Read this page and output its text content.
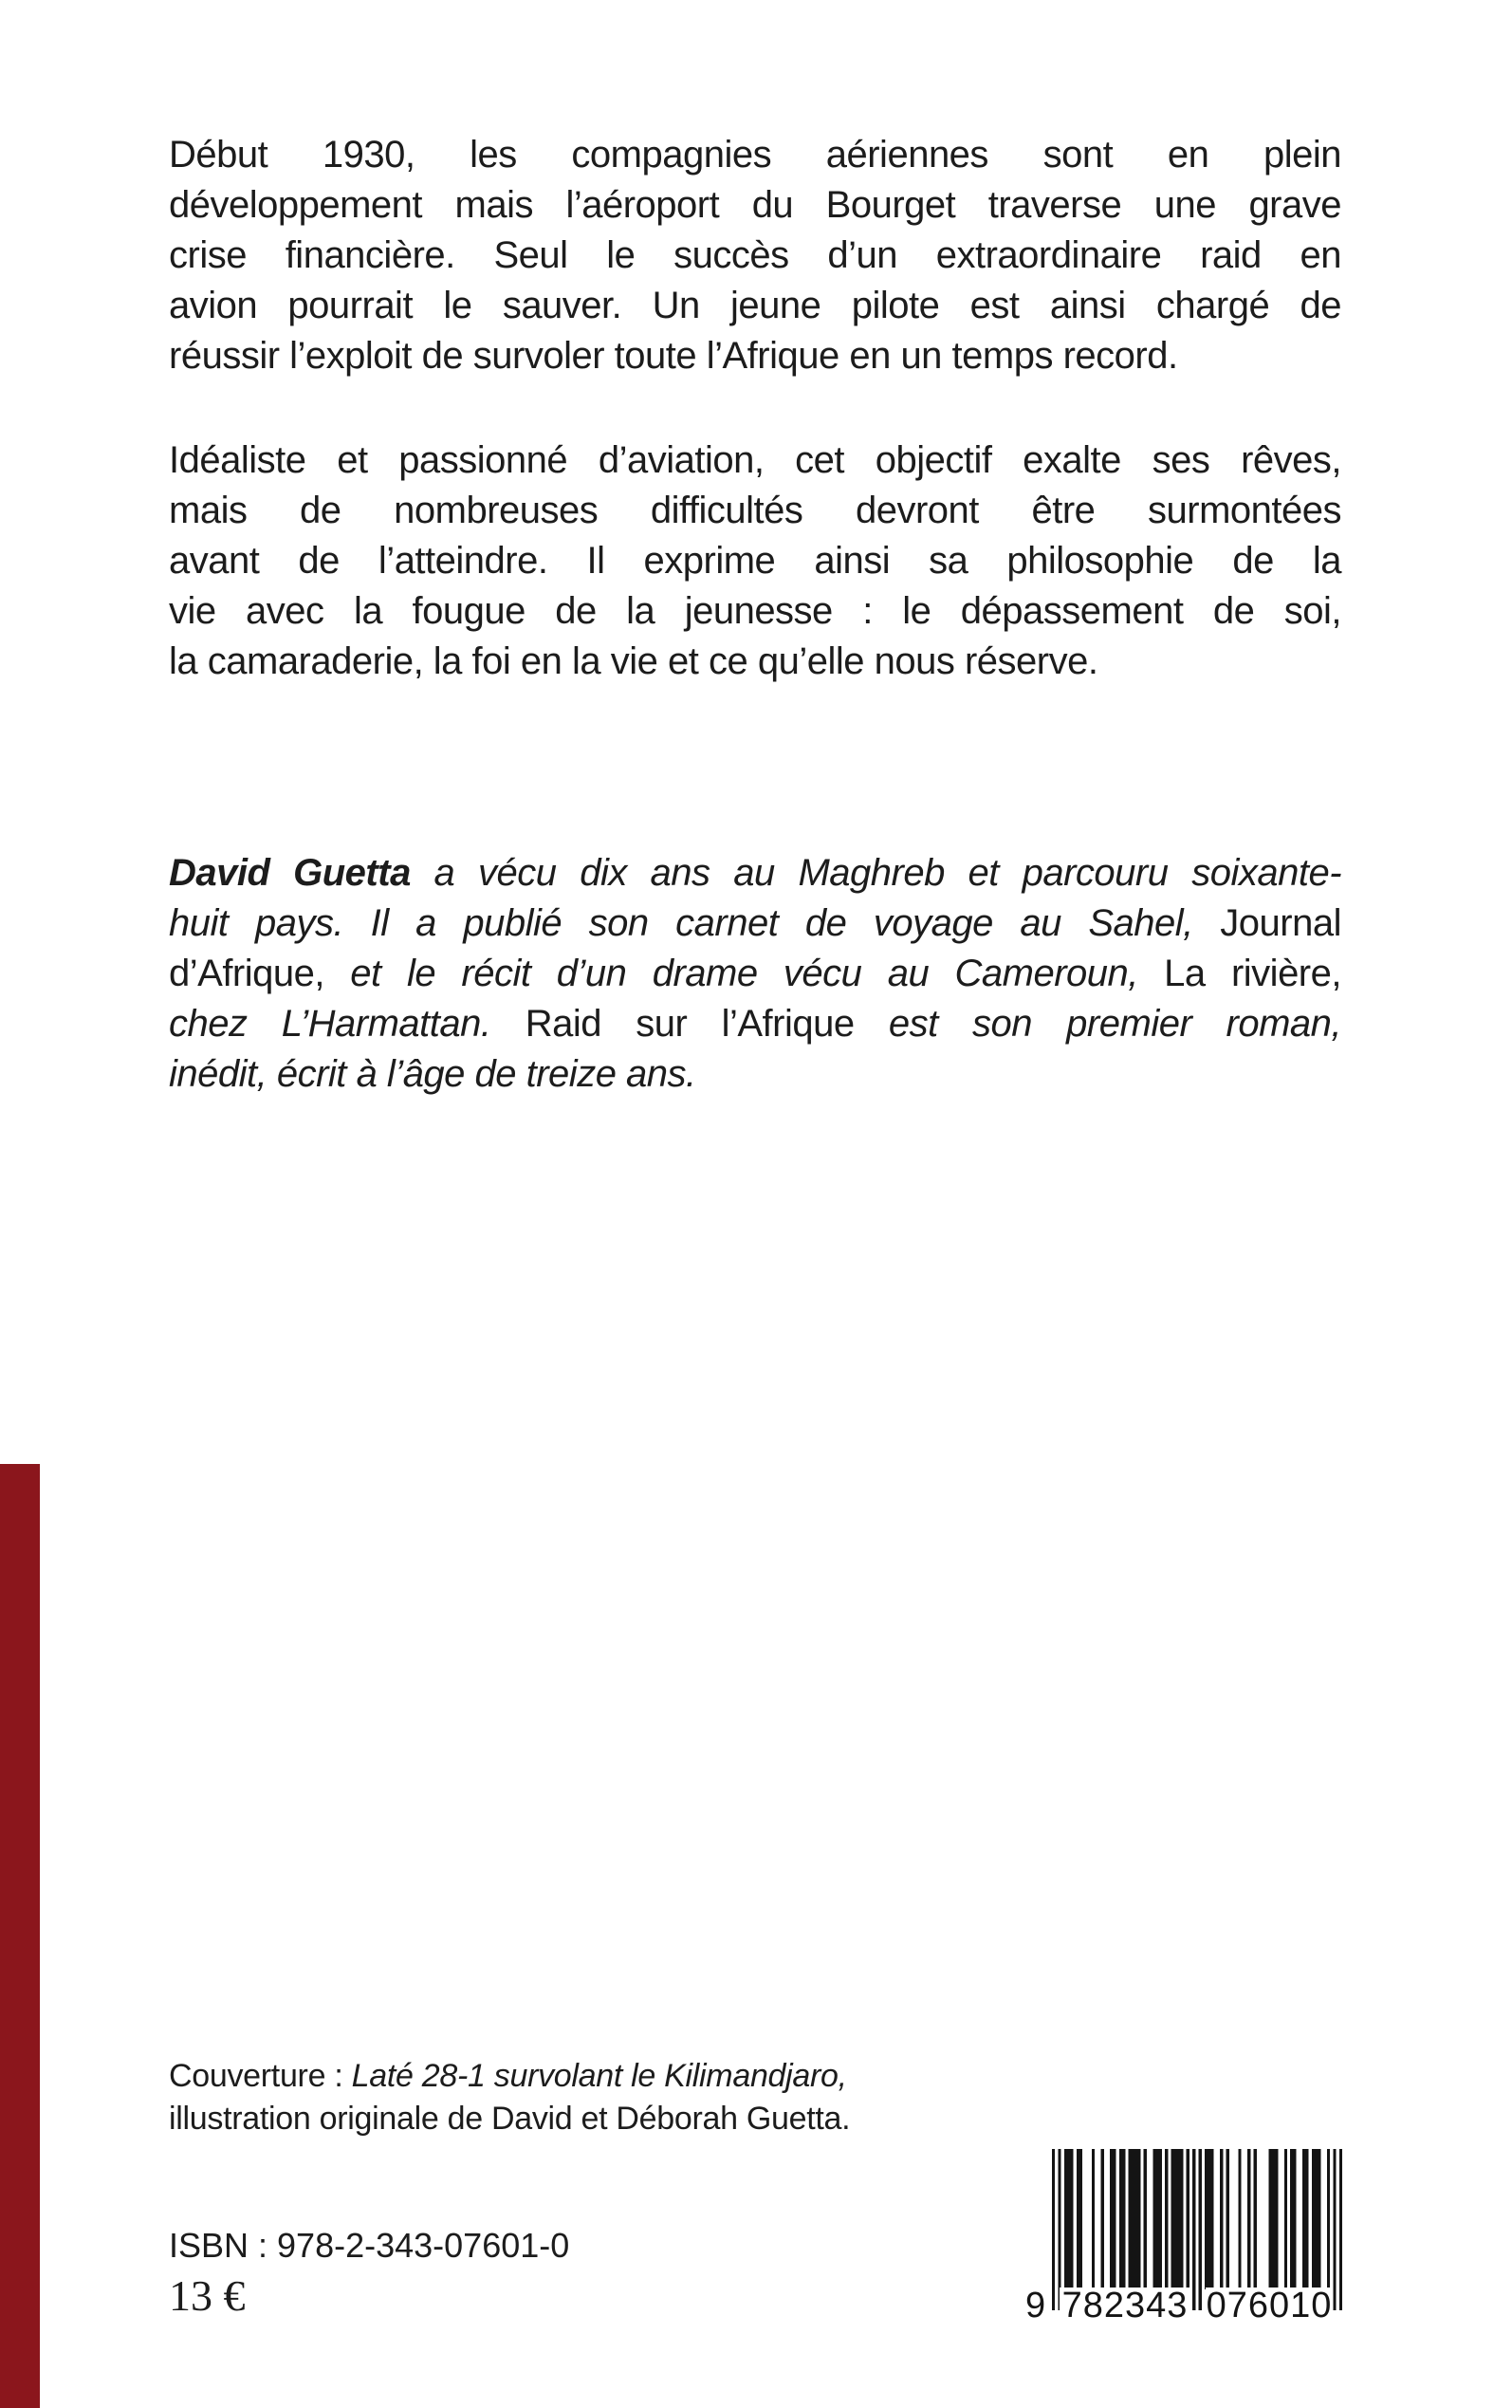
Début 1930, les compagnies aériennes sont en plein
développement mais l’aéroport du Bourget traverse une grave
crise financière. Seul le succès d’un extraordinaire raid en
avion pourrait le sauver. Un jeune pilote est ainsi chargé de
réussir l’exploit de survoler toute l’Afrique en un temps record.
Idéaliste et passionné d’aviation, cet objectif exalte ses rêves,
mais de nombreuses difficultés devront être surmontées
avant de l’atteindre. Il exprime ainsi sa philosophie de la
vie avec la fougue de la jeunesse : le dépassement de soi,
la camaraderie, la foi en la vie et ce qu’elle nous réserve.
David Guetta a vécu dix ans au Maghreb et parcouru soixante-
huit pays. Il a publié son carnet de voyage au Sahel, Journal
d’Afrique, et le récit d’un drame vécu au Cameroun, La rivière,
chez L’Harmattan. Raid sur l’Afrique est son premier roman,
inédit, écrit à l’âge de treize ans.
Couverture : Laté 28-1 survolant le Kilimandjaro,
illustration originale de David et Déborah Guetta.
ISBN : 978-2-343-07601-0
13 €	9 782343 076010
